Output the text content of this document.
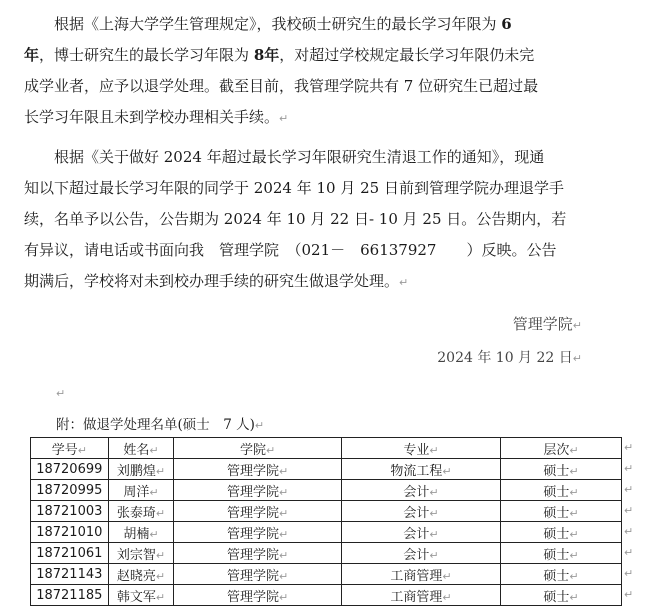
根据《上海大学学生管理规定》，我校硕士研究生的最长学习年限为 6
年，博士研究生的最长学习年限为 8年，对超过学校规定最长学习年限仍未完
成学业者，应予以退学处理。截至目前，我管理学院共有 7 位研究生已超过最
长学习年限且未到学校办理相关手续。↵
根据《关于做好 2024 年超过最长学习年限研究生清退工作的通知》，现通
知以下超过最长学习年限的同学于 2024 年 10 月 25 日前到管理学院办理退学手
续，名单予以公告，公告期为 2024 年 10 月 22 日- 10 月 25 日。公告期内，若
有异议，请电话或书面向我　管理学院　（021－　66137927　　）反映。公告
期满后，学校将对未到校办理手续的研究生做退学处理。↵
管理学院↵
2024 年 10 月 22 日↵
↵
附：做退学处理名单(硕士　7 人)↵
学号↵	姓名↵	学院↵	专业↵	层次↵
18720699	刘鹏煌↵	管理学院↵	物流工程↵	硕士↵
18720995	周洋↵	管理学院↵	会计↵	硕士↵
18721003	张泰琦↵	管理学院↵	会计↵	硕士↵
18721010	胡楠↵	管理学院↵	会计↵	硕士↵
18721061	刘宗智↵	管理学院↵	会计↵	硕士↵
18721143	赵晓亮↵	管理学院↵	工商管理↵	硕士↵
18721185	韩文军↵	管理学院↵	工商管理↵	硕士↵
↵
↵
↵
↵
↵
↵
↵
↵
